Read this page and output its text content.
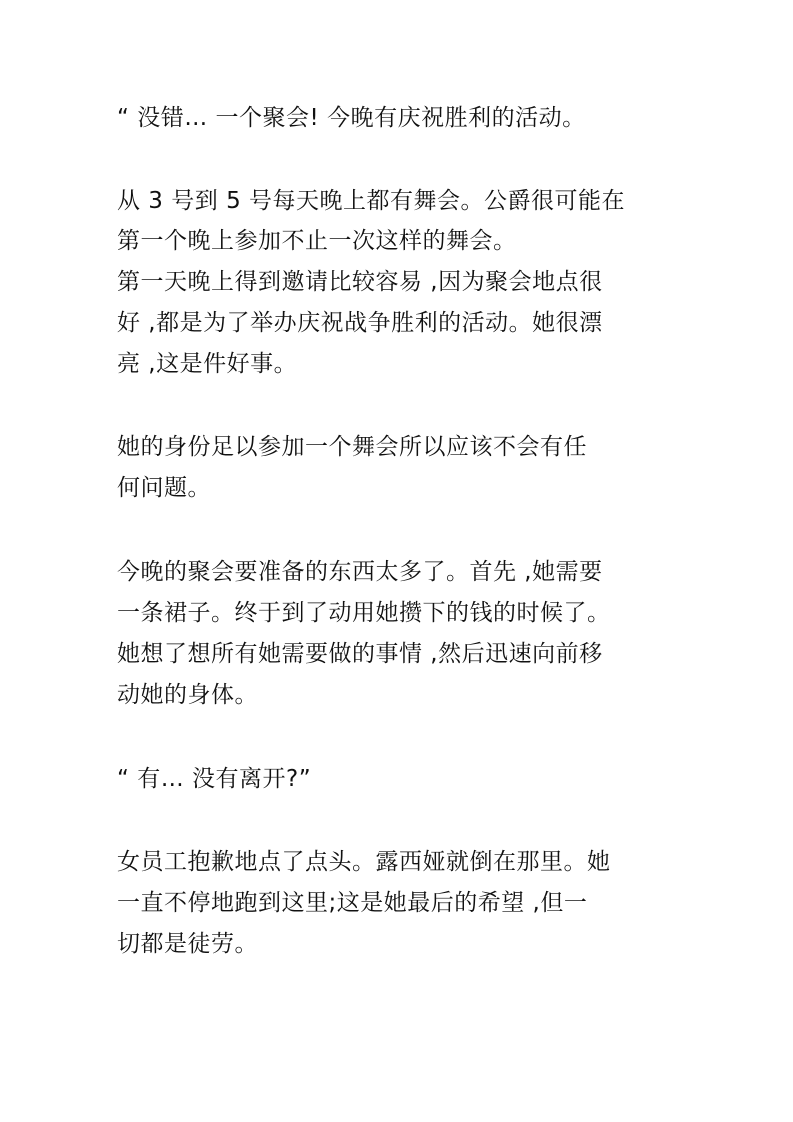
“ 没错… 一个聚会! 今晚有庆祝胜利的活动。
从 3 号到 5 号每天晚上都有舞会。公爵很可能在
第一个晚上参加不止一次这样的舞会。
第一天晚上得到邀请比较容易 ,因为聚会地点很
好 ,都是为了举办庆祝战争胜利的活动。她很漂
亮 ,这是件好事。
她的身份足以参加一个舞会所以应该不会有任
何问题。
今晚的聚会要准备的东西太多了。首先 ,她需要
一条裙子。终于到了动用她攒下的钱的时候了。
她想了想所有她需要做的事情 ,然后迅速向前移
动她的身体。
“ 有… 没有离开?”
女员工抱歉地点了点头。露西娅就倒在那里。她
一直不停地跑到这里;这是她最后的希望 ,但一
切都是徒劳。
